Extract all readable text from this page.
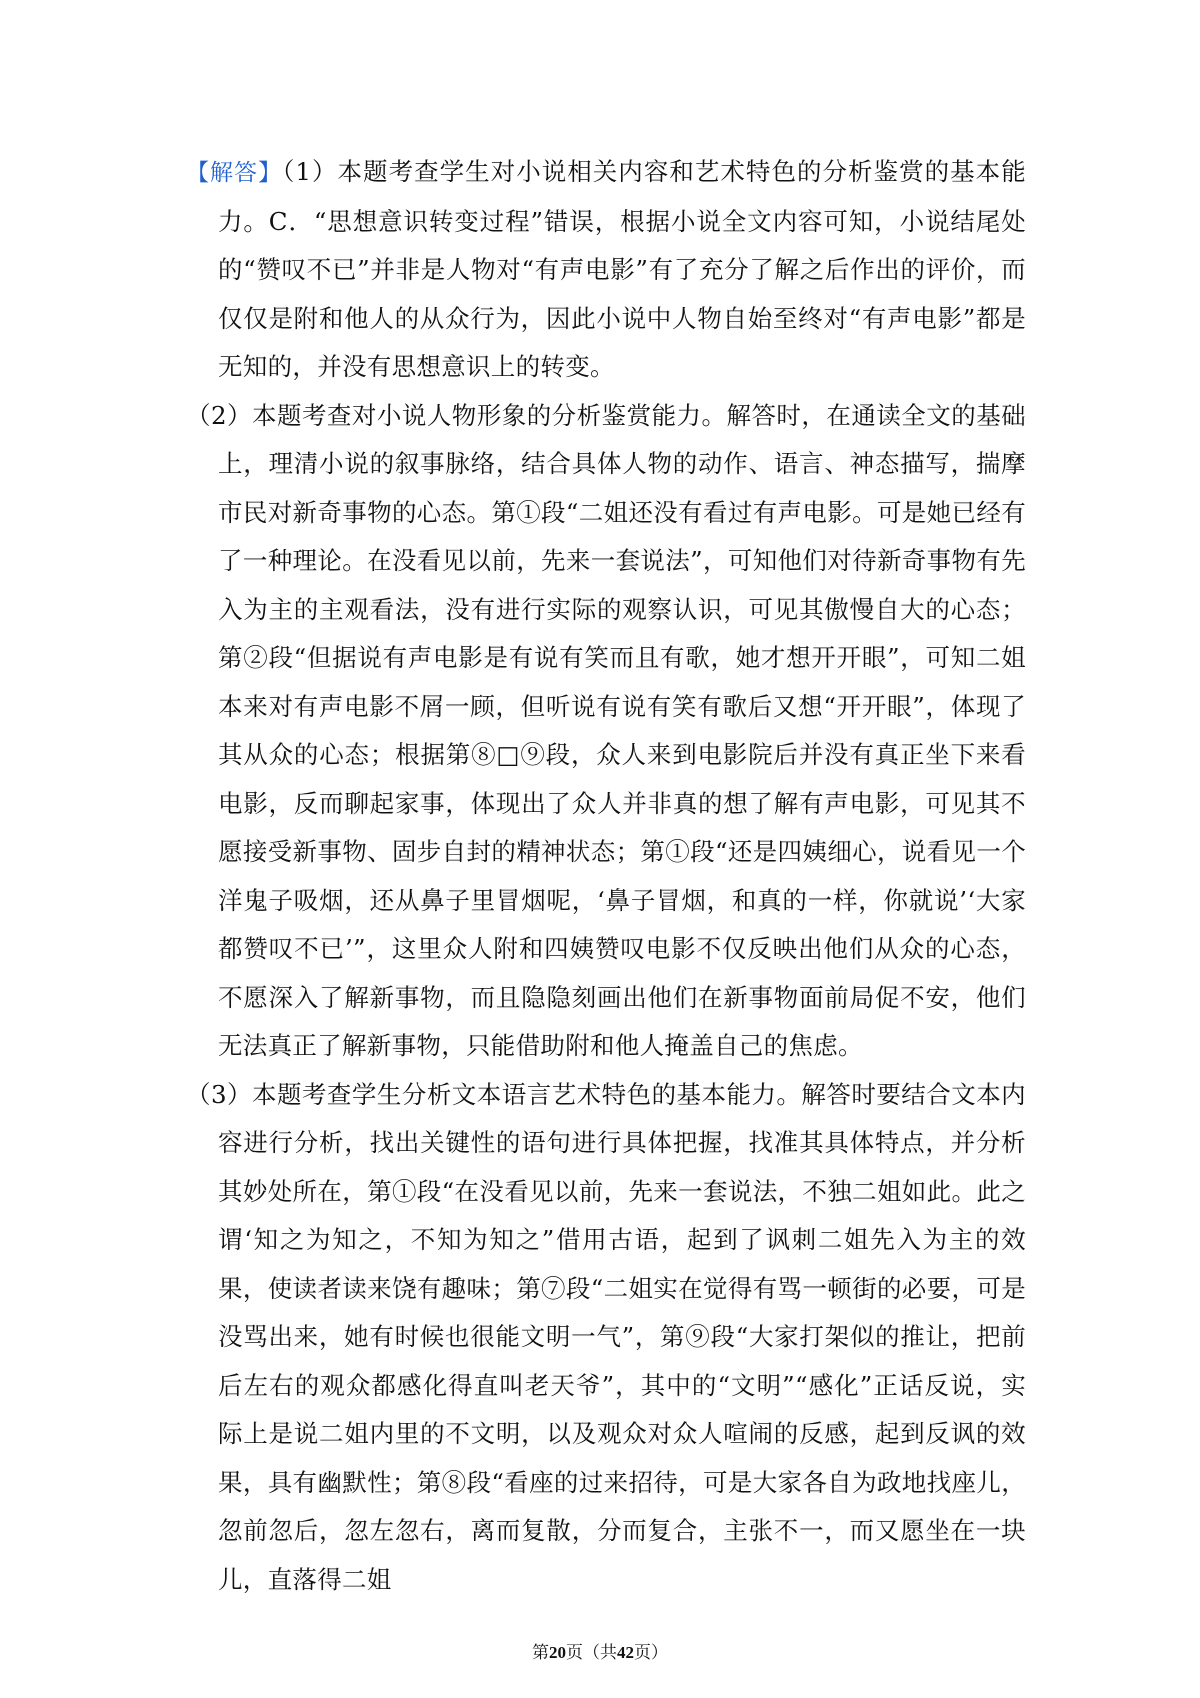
【解答】（1）本题考查学生对小说相关内容和艺术特色的分析鉴赏的基本能力。C．“思想意识转变过程”错误，根据小说全文内容可知，小说结尾处的“赞叹不已”并非是人物对“有声电影”有了充分了解之后作出的评价，而仅仅是附和他人的从众行为，因此小说中人物自始至终对“有声电影”都是无知的，并没有思想意识上的转变。

（2）本题考查对小说人物形象的分析鉴赏能力。解答时，在通读全文的基础上，理清小说的叙事脉络，结合具体人物的动作、语言、神态描写，揣摩市民对新奇事物的心态。第①段“二姐还没有看过有声电影。可是她已经有了一种理论。在没看见以前，先来一套说法”，可知他们对待新奇事物有先入为主的主观看法，没有进行实际的观察认识，可见其傲慢自大的心态；第②段“但据说有声电影是有说有笑而且有歌，她才想开开眼”，可知二姐本来对有声电影不屑一顾，但听说有说有笑有歌后又想“开开眼”，体现了其从众的心态；根据第⑧□⑨段，众人来到电影院后并没有真正坐下来看电影，反而聊起家事，体现出了众人并非真的想了解有声电影，可见其不愿接受新事物、固步自封的精神状态；第①段“还是四姨细心，说看见一个洋鬼子吸烟，还从鼻子里冒烟呢，‘鼻子冒烟，和真的一样，你就说’‘大家都赞叹不已’”，这里众人附和四姨赞叹电影不仅反映出他们从众的心态，不愿深入了解新事物，而且隐隐刻画出他们在新事物面前局促不安，他们无法真正了解新事物，只能借助附和他人掩盖自己的焦虑。

（3）本题考查学生分析文本语言艺术特色的基本能力。解答时要结合文本内容进行分析，找出关键性的语句进行具体把握，找准其具体特点，并分析其妙处所在，第①段“在没看见以前，先来一套说法，不独二姐如此。此之谓‘知之为知之，不知为知之”借用古语，起到了讽刺二姐先入为主的效果，使读者读来饶有趣味；第⑦段“二姐实在觉得有骂一顿街的必要，可是没骂出来，她有时候也很能文明一气”，第⑨段“大家打架似的推让，把前后左右的观众都感化得直叫老天爷”，其中的“文明”“感化”正话反说，实际上是说二姐内里的不文明，以及观众对众人喧闹的反感，起到反讽的效果，具有幽默性；第⑧段“看座的过来招待，可是大家各自为政地找座儿，忽前忽后，忽左忽右，离而复散，分而复合，主张不一，而又愿坐在一块儿，直落得二姐

第20页（共42页）
